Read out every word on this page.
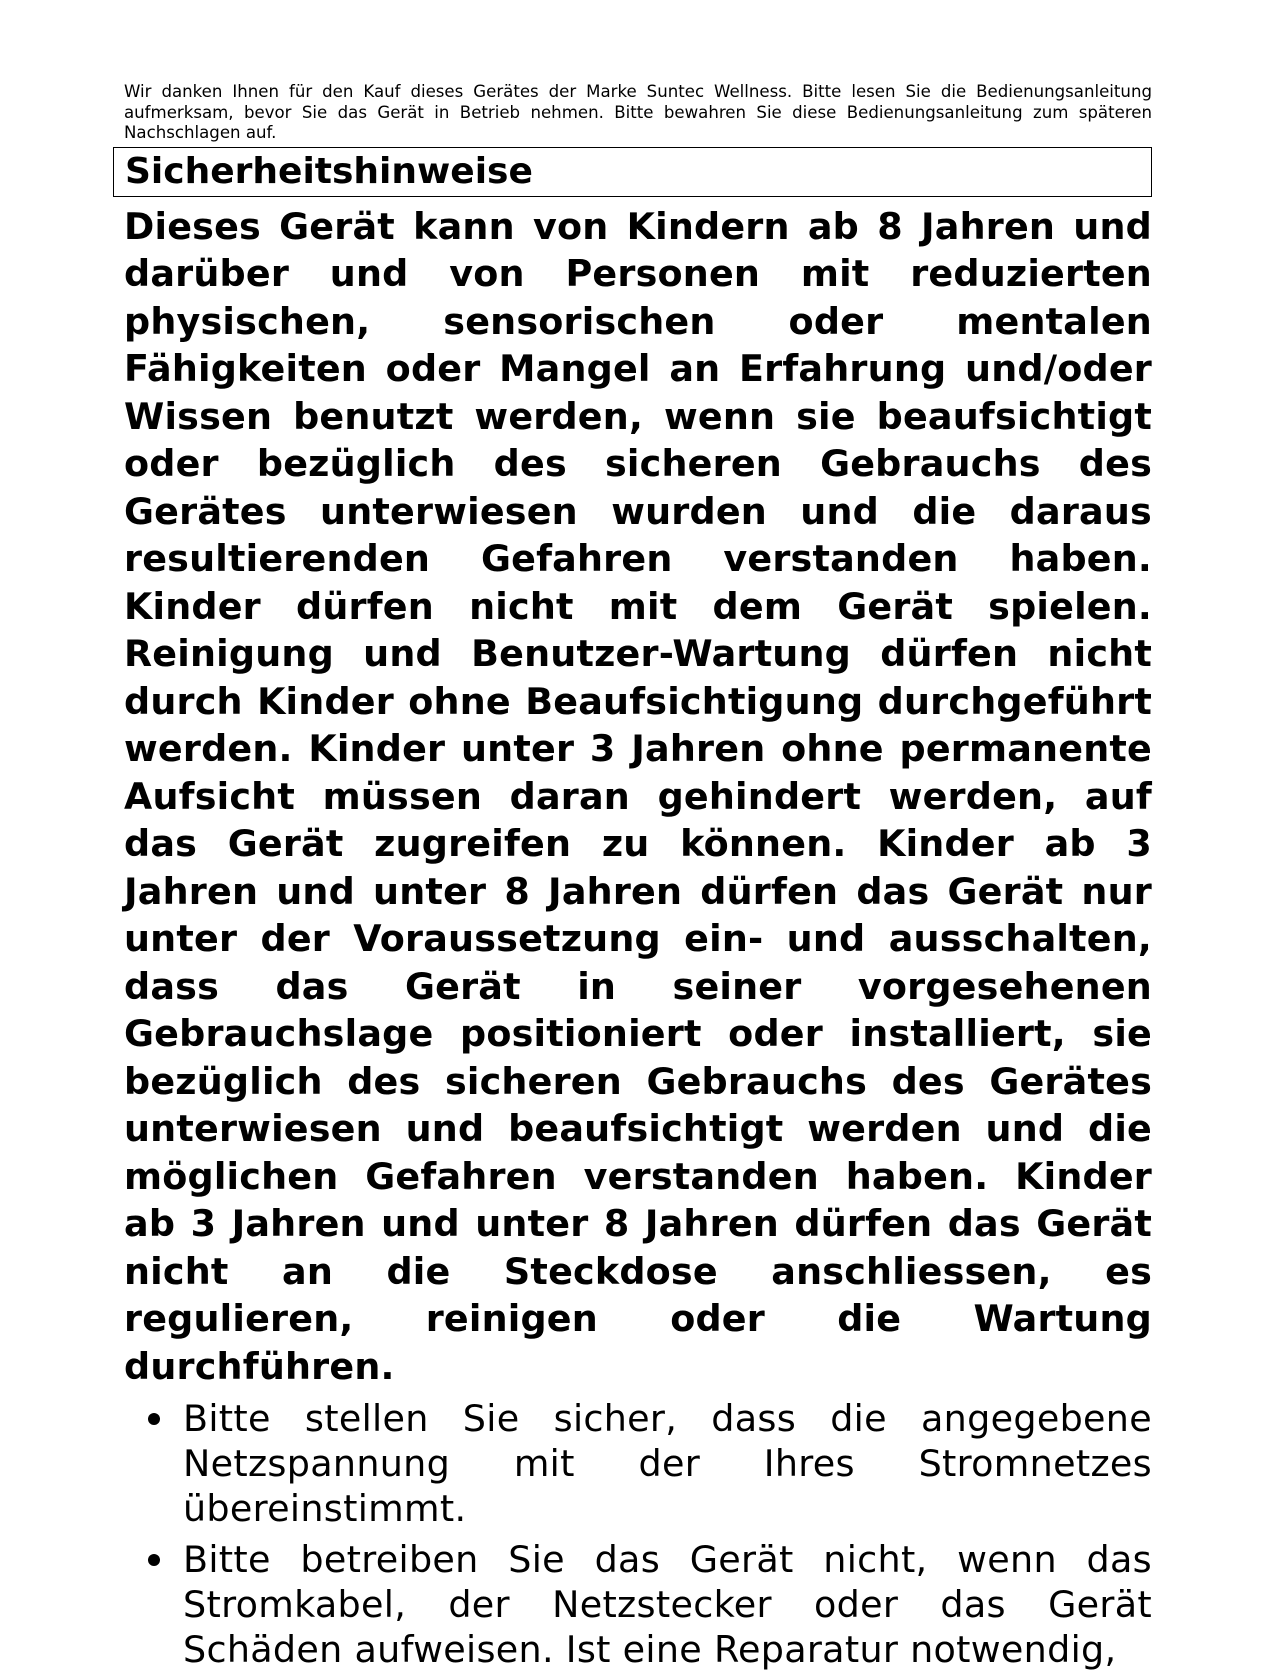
Wir danken Ihnen für den Kauf dieses Gerätes der Marke Suntec Wellness. Bitte lesen Sie die Bedienungsanleitung aufmerksam, bevor Sie das Gerät in Betrieb nehmen. Bitte bewahren Sie diese Bedienungsanleitung zum späteren Nachschlagen auf.

Sicherheitshinweise

Dieses Gerät kann von Kindern ab 8 Jahren und darüber und von Personen mit reduzierten physischen, sensorischen oder mentalen Fähigkeiten oder Mangel an Erfahrung und/oder Wissen benutzt werden, wenn sie beaufsichtigt oder bezüglich des sicheren Gebrauchs des Gerätes unterwiesen wurden und die daraus resultierenden Gefahren verstanden haben. Kinder dürfen nicht mit dem Gerät spielen. Reinigung und Benutzer-Wartung dürfen nicht durch Kinder ohne Beaufsichtigung durchgeführt werden. Kinder unter 3 Jahren ohne permanente Aufsicht müssen daran gehindert werden, auf das Gerät zugreifen zu können. Kinder ab 3 Jahren und unter 8 Jahren dürfen das Gerät nur unter der Voraussetzung ein- und ausschalten, dass das Gerät in seiner vorgesehenen Gebrauchslage positioniert oder installiert, sie bezüglich des sicheren Gebrauchs des Gerätes unterwiesen und beaufsichtigt werden und die möglichen Gefahren verstanden haben. Kinder ab 3 Jahren und unter 8 Jahren dürfen das Gerät nicht an die Steckdose anschliessen, es regulieren, reinigen oder die Wartung durchführen.

Bitte stellen Sie sicher, dass die angegebene Netzspannung mit der Ihres Stromnetzes übereinstimmt.
Bitte betreiben Sie das Gerät nicht, wenn das Stromkabel, der Netzstecker oder das Gerät Schäden aufweisen. Ist eine Reparatur notwendig,
